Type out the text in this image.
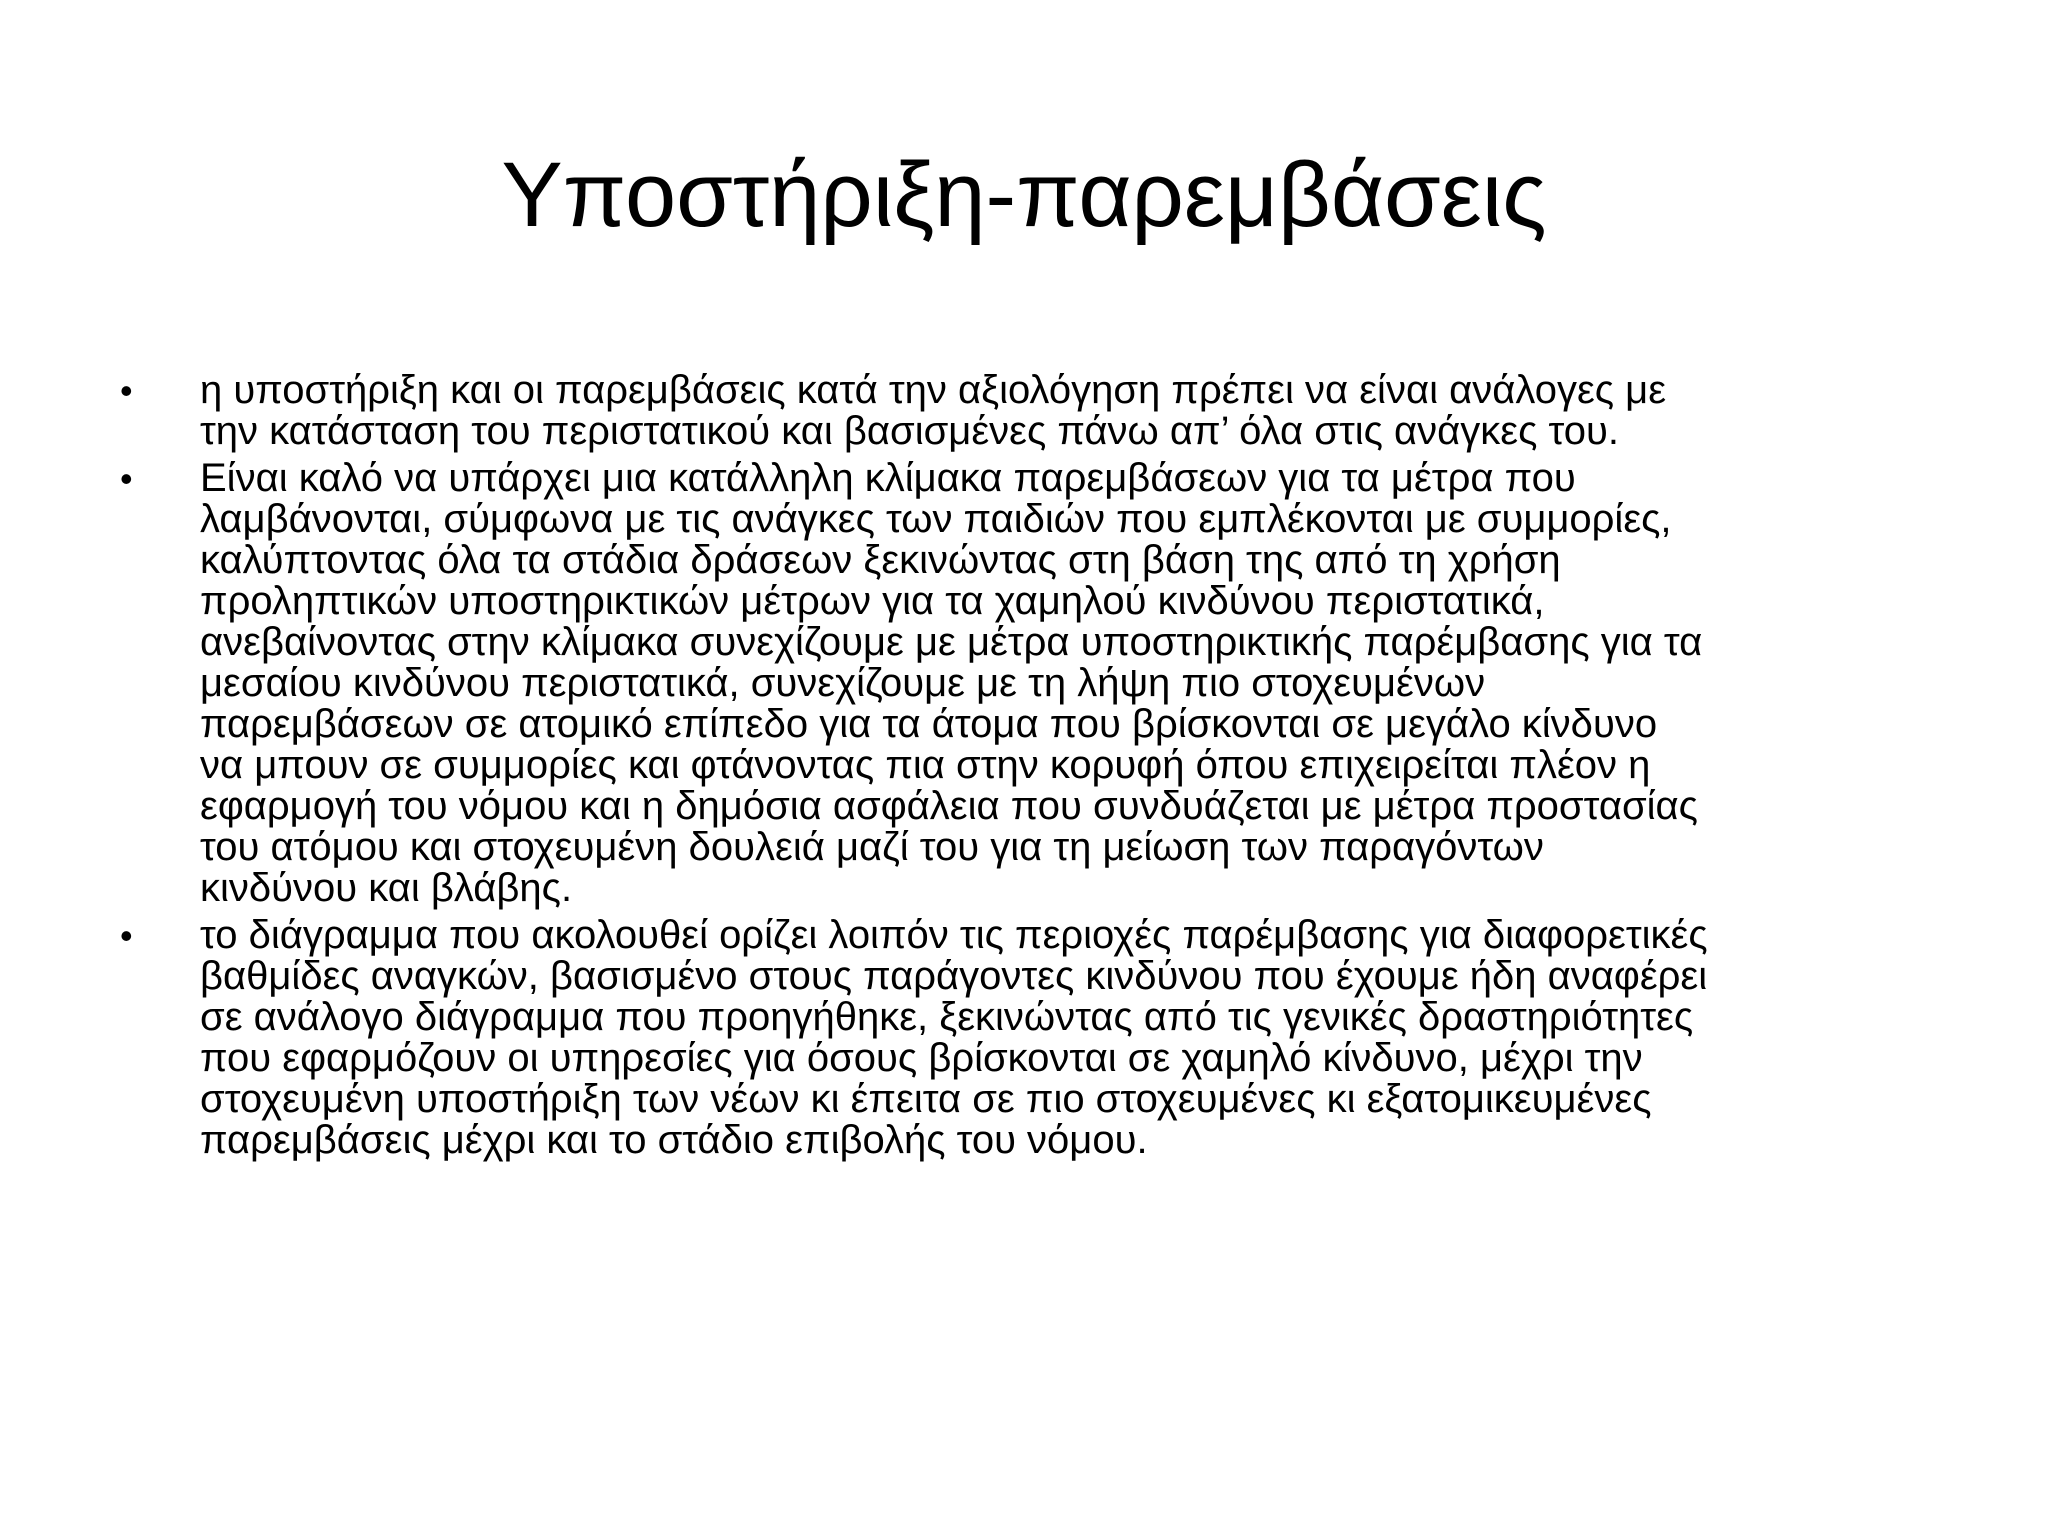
Υποστήριξη-παρεμβάσεις
•	η υποστήριξη και οι παρεμβάσεις κατά την αξιολόγηση πρέπει να είναι ανάλογες με
την κατάσταση του περιστατικού και βασισμένες πάνω απ’ όλα στις ανάγκες του.
•	Είναι καλό να υπάρχει μια κατάλληλη κλίμακα παρεμβάσεων για τα μέτρα που
λαμβάνονται, σύμφωνα με τις ανάγκες των παιδιών που εμπλέκονται με συμμορίες,
καλύπτοντας όλα τα στάδια δράσεων ξεκινώντας στη βάση της από τη χρήση
προληπτικών υποστηρικτικών μέτρων για τα χαμηλού κινδύνου περιστατικά,
ανεβαίνοντας στην κλίμακα συνεχίζουμε με μέτρα υποστηρικτικής παρέμβασης για τα
μεσαίου κινδύνου περιστατικά, συνεχίζουμε με τη λήψη πιο στοχευμένων
παρεμβάσεων σε ατομικό επίπεδο για τα άτομα που βρίσκονται σε μεγάλο κίνδυνο
να μπουν σε συμμορίες και φτάνοντας πια στην κορυφή όπου επιχειρείται πλέον η
εφαρμογή του νόμου και η δημόσια ασφάλεια που συνδυάζεται με μέτρα προστασίας
του ατόμου και στοχευμένη δουλειά μαζί του για τη μείωση των παραγόντων
κινδύνου και βλάβης.
•	το διάγραμμα που ακολουθεί ορίζει λοιπόν τις περιοχές παρέμβασης για διαφορετικές
βαθμίδες αναγκών, βασισμένο στους παράγοντες κινδύνου που έχουμε ήδη αναφέρει
σε ανάλογο διάγραμμα που προηγήθηκε, ξεκινώντας από τις γενικές δραστηριότητες
που εφαρμόζουν οι υπηρεσίες για όσους βρίσκονται σε χαμηλό κίνδυνο, μέχρι την
στοχευμένη υποστήριξη των νέων κι έπειτα σε πιο στοχευμένες κι εξατομικευμένες
παρεμβάσεις μέχρι και το στάδιο επιβολής του νόμου.
